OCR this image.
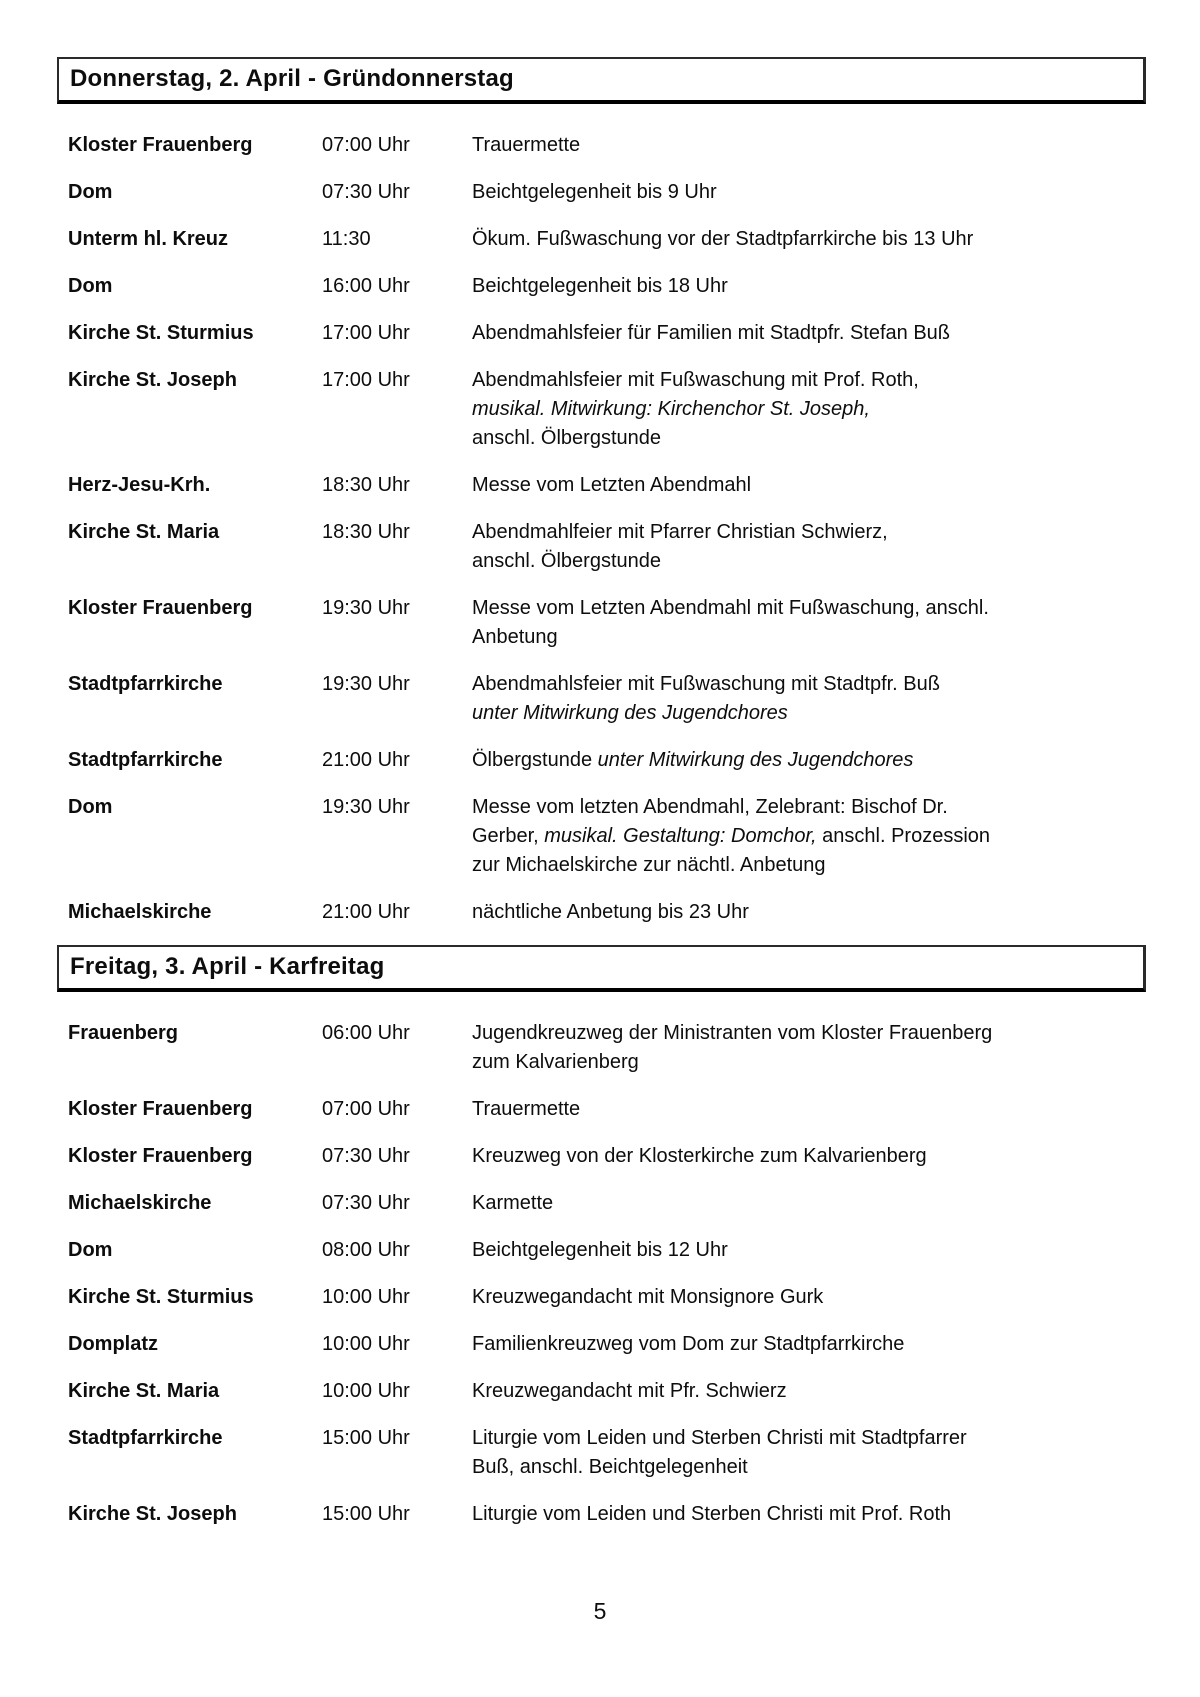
Donnerstag, 2. April - Gründonnerstag
Kloster Frauenberg	07:00 Uhr	Trauermette
Dom	07:30 Uhr	Beichtgelegenheit bis 9 Uhr
Unterm hl. Kreuz	11:30	Ökum. Fußwaschung vor der Stadtpfarrkirche bis 13 Uhr
Dom	16:00 Uhr	Beichtgelegenheit bis 18 Uhr
Kirche St. Sturmius	17:00 Uhr	Abendmahlsfeier für Familien mit Stadtpfr. Stefan Buß
Kirche St. Joseph	17:00 Uhr	Abendmahlsfeier mit Fußwaschung mit Prof. Roth,
musikal. Mitwirkung: Kirchenchor St. Joseph,
anschl. Ölbergstunde
Herz-Jesu-Krh.	18:30 Uhr	Messe vom Letzten Abendmahl
Kirche St. Maria	18:30 Uhr	Abendmahlfeier mit Pfarrer Christian Schwierz,
anschl. Ölbergstunde
Kloster Frauenberg	19:30 Uhr	Messe vom Letzten Abendmahl mit Fußwaschung, anschl.
Anbetung
Stadtpfarrkirche	19:30 Uhr	Abendmahlsfeier mit Fußwaschung mit Stadtpfr. Buß
unter Mitwirkung des Jugendchores
Stadtpfarrkirche	21:00 Uhr	Ölbergstunde unter Mitwirkung des Jugendchores
Dom	19:30 Uhr	Messe vom letzten Abendmahl, Zelebrant: Bischof Dr.
Gerber, musikal. Gestaltung: Domchor, anschl. Prozession
zur Michaelskirche zur nächtl. Anbetung
Michaelskirche	21:00 Uhr	nächtliche Anbetung bis 23 Uhr
Freitag, 3. April - Karfreitag
Frauenberg	06:00 Uhr	Jugendkreuzweg der Ministranten vom Kloster Frauenberg
zum Kalvarienberg
Kloster Frauenberg	07:00 Uhr	Trauermette
Kloster Frauenberg	07:30 Uhr	Kreuzweg von der Klosterkirche zum Kalvarienberg
Michaelskirche	07:30 Uhr	Karmette
Dom	08:00 Uhr	Beichtgelegenheit bis 12 Uhr
Kirche St. Sturmius	10:00 Uhr	Kreuzwegandacht mit Monsignore Gurk
Domplatz	10:00 Uhr	Familienkreuzweg vom Dom zur Stadtpfarrkirche
Kirche St. Maria	10:00 Uhr	Kreuzwegandacht mit Pfr. Schwierz
Stadtpfarrkirche	15:00 Uhr	Liturgie vom Leiden und Sterben Christi mit Stadtpfarrer
Buß, anschl. Beichtgelegenheit
Kirche St. Joseph	15:00 Uhr	Liturgie vom Leiden und Sterben Christi mit Prof. Roth
5
